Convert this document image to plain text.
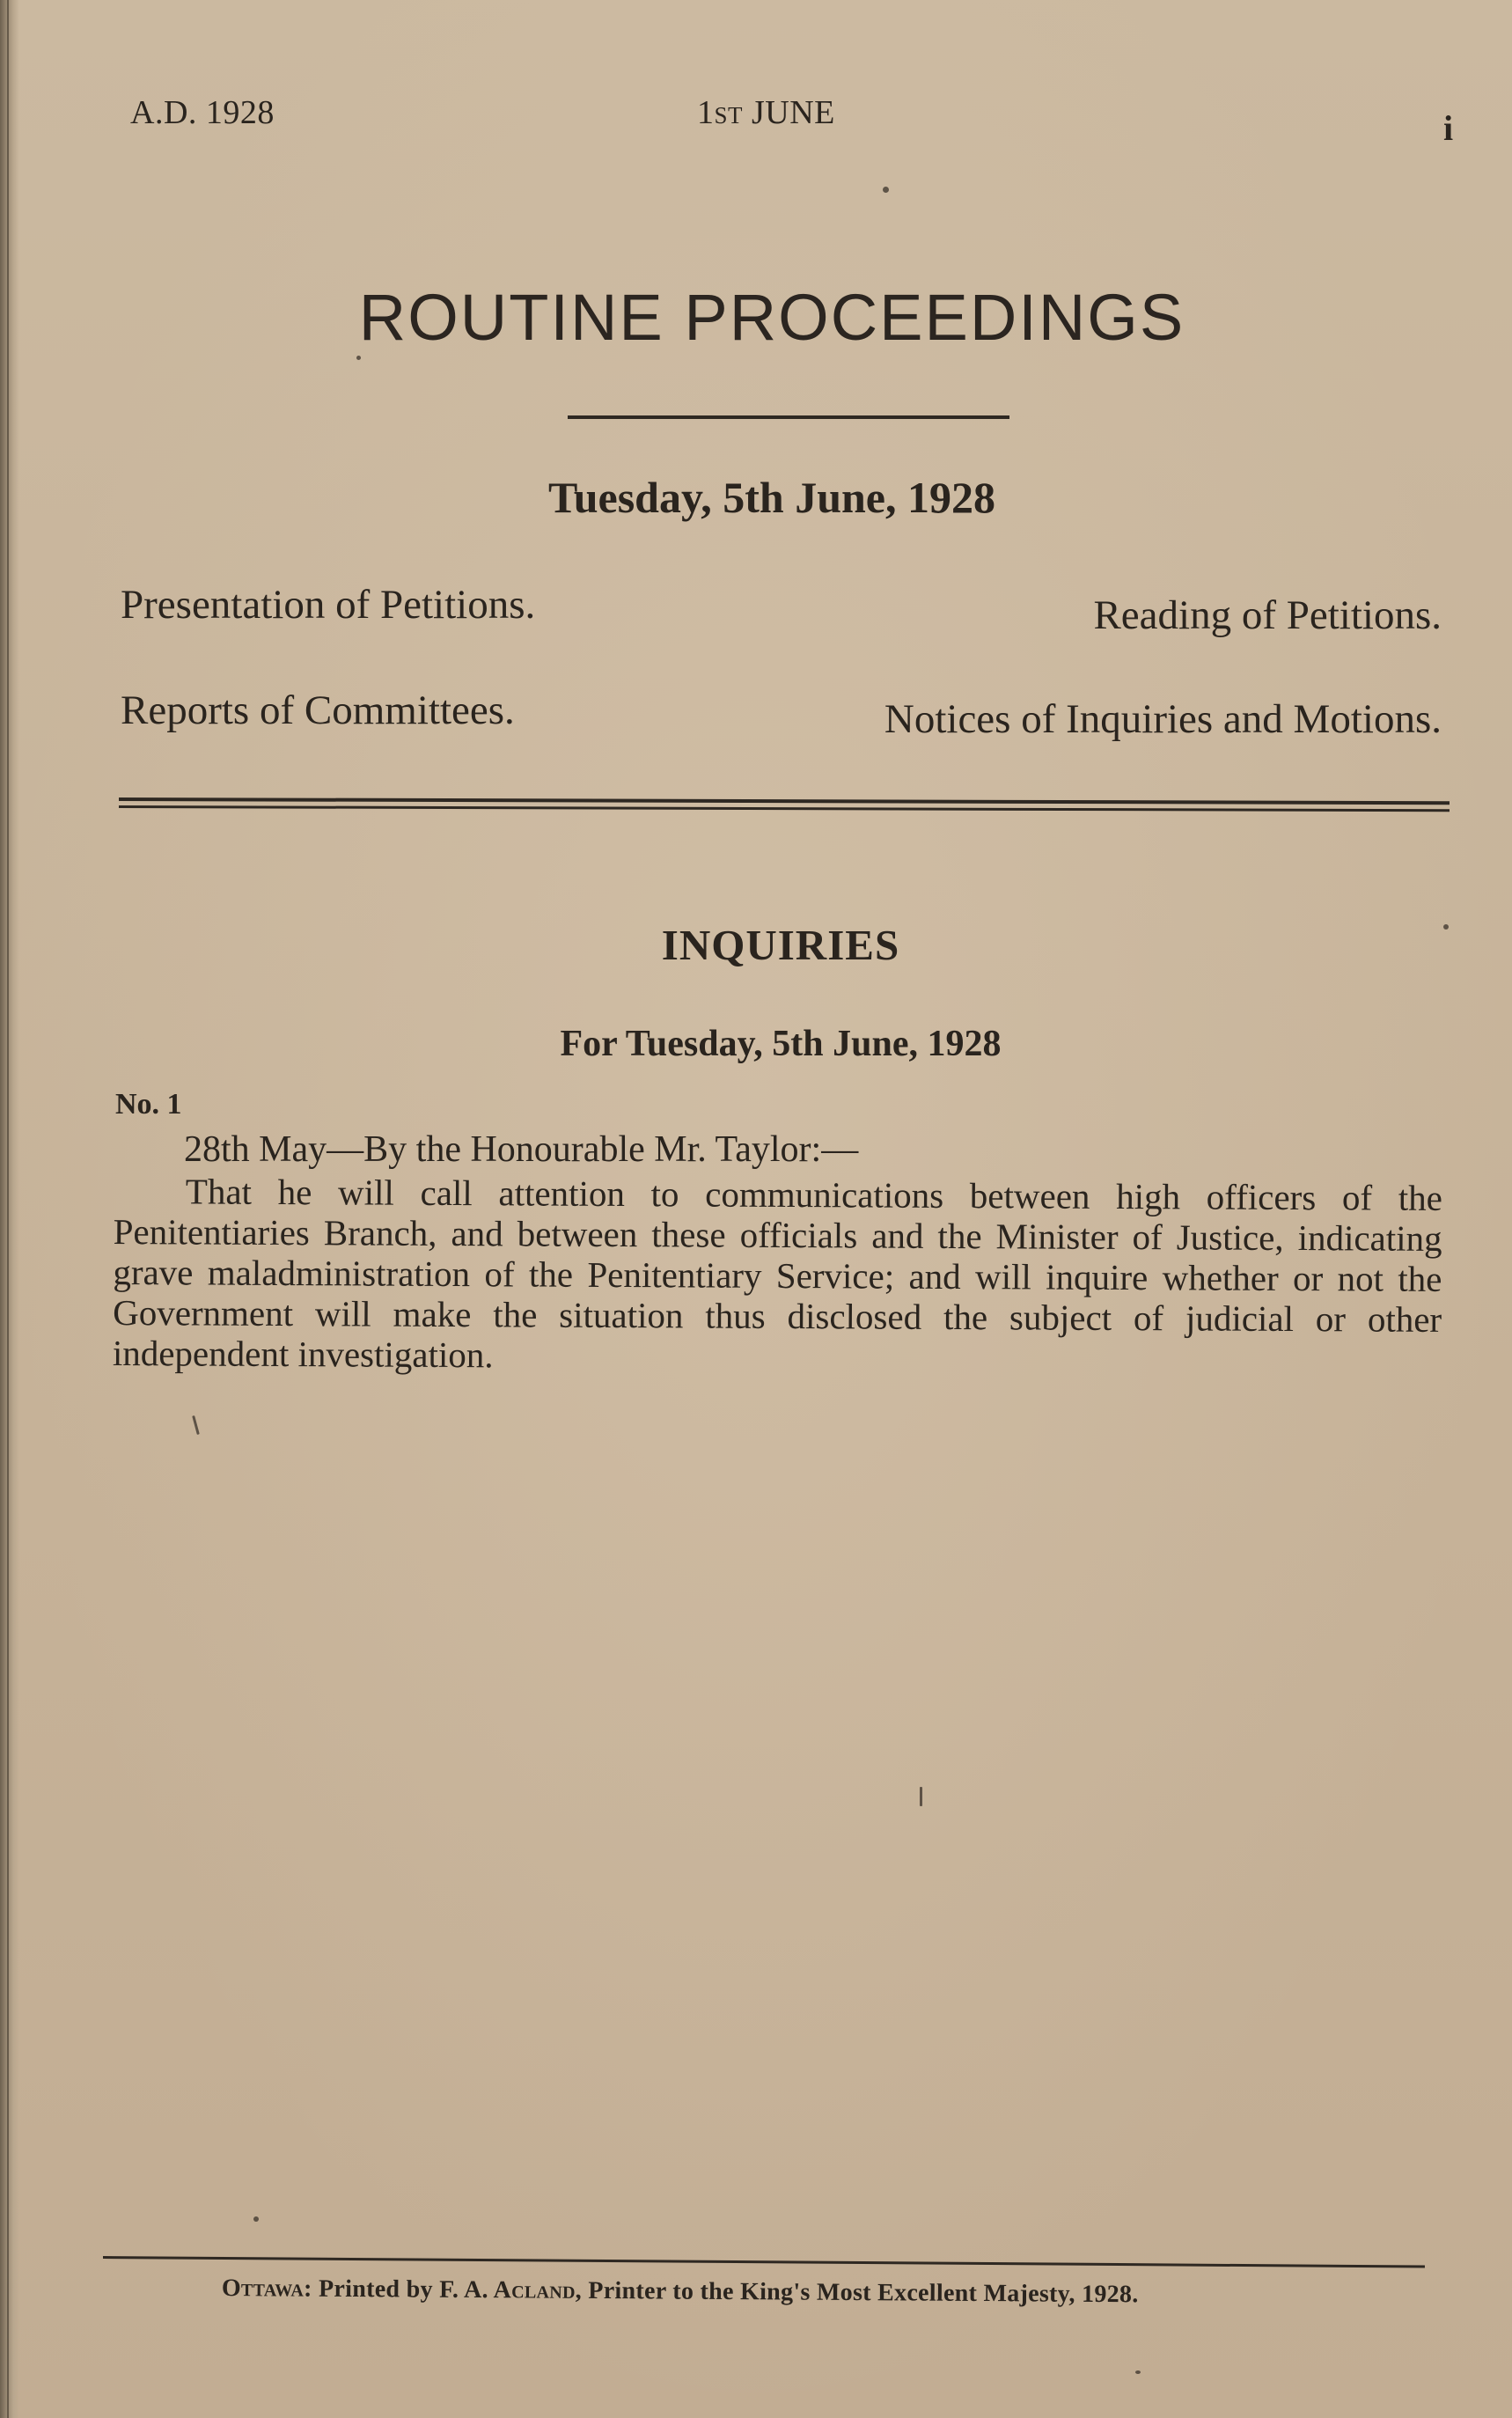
A.D. 1928	1st JUNE	i
ROUTINE PROCEEDINGS
Tuesday, 5th June, 1928
Presentation of Petitions.	Reading of Petitions.
Reports of Committees.	Notices of Inquiries and Motions.
INQUIRIES
For Tuesday, 5th June, 1928
No. 1
28th May—By the Honourable Mr. Taylor:—
That he will call attention to communications between high officers of the Penitentiaries Branch, and between these officials and the Minister of Justice, indicating grave maladministration of the Penitentiary Service; and will inquire whether or not the Government will make the situation thus disclosed the subject of judicial or other independent investigation.
Ottawa: Printed by F. A. Acland, Printer to the King's Most Excellent Majesty, 1928.
